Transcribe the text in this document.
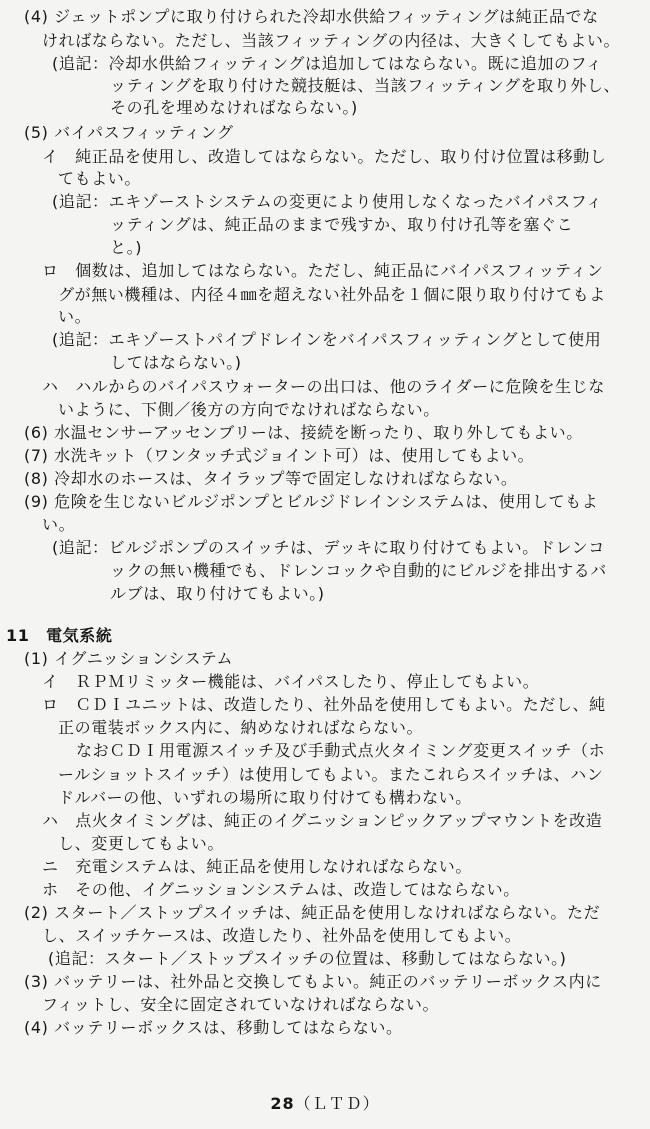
(4) ジェットポンプに取り付けられた冷却水供給フィッティングは純正品でな
ければならない。ただし、当該フィッティングの内径は、大きくしてもよい。
(追記：冷却水供給フィッティングは追加してはならない。既に追加のフィ
ッティングを取り付けた競技艇は、当該フィッティングを取り外し、
その孔を埋めなければならない。)
(5) バイパスフィッティング
イ　純正品を使用し、改造してはならない。ただし、取り付け位置は移動し
てもよい。
(追記：エキゾーストシステムの変更により使用しなくなったバイパスフィ
ッティングは、純正品のままで残すか、取り付け孔等を塞ぐこ
と。)
ロ　個数は、追加してはならない。ただし、純正品にバイパスフィッティン
グが無い機種は、内径４㎜を超えない社外品を１個に限り取り付けてもよ
い。
(追記：エキゾーストパイプドレインをバイパスフィッティングとして使用
してはならない。)
ハ　ハルからのバイパスウォーターの出口は、他のライダーに危険を生じな
いように、下側／後方の方向でなければならない。
(6) 水温センサーアッセンブリーは、接続を断ったり、取り外してもよい。
(7) 水洗キット（ワンタッチ式ジョイント可）は、使用してもよい。
(8) 冷却水のホースは、タイラップ等で固定しなければならない。
(9) 危険を生じないビルジポンプとビルジドレインシステムは、使用してもよ
い。
(追記：ビルジポンプのスイッチは、デッキに取り付けてもよい。ドレンコ
ックの無い機種でも、ドレンコックや自動的にビルジを排出するバ
ルブは、取り付けてもよい。)
11　電気系統
(1) イグニッションシステム
イ　ＲＰＭリミッター機能は、バイパスしたり、停止してもよい。
ロ　ＣＤＩユニットは、改造したり、社外品を使用してもよい。ただし、純
正の電装ボックス内に、納めなければならない。
なおＣＤＩ用電源スイッチ及び手動式点火タイミング変更スイッチ（ホ
ールショットスイッチ）は使用してもよい。またこれらスイッチは、ハン
ドルバーの他、いずれの場所に取り付けても構わない。
ハ　点火タイミングは、純正のイグニッションピックアップマウントを改造
し、変更してもよい。
ニ　充電システムは、純正品を使用しなければならない。
ホ　その他、イグニッションシステムは、改造してはならない。
(2) スタート／ストップスイッチは、純正品を使用しなければならない。ただ
し、スイッチケースは、改造したり、社外品を使用してもよい。
(追記：スタート／ストップスイッチの位置は、移動してはならない。)
(3) バッテリーは、社外品と交換してもよい。純正のバッテリーボックス内に
フィットし、安全に固定されていなければならない。
(4) バッテリーボックスは、移動してはならない。
28（ＬＴＤ）
